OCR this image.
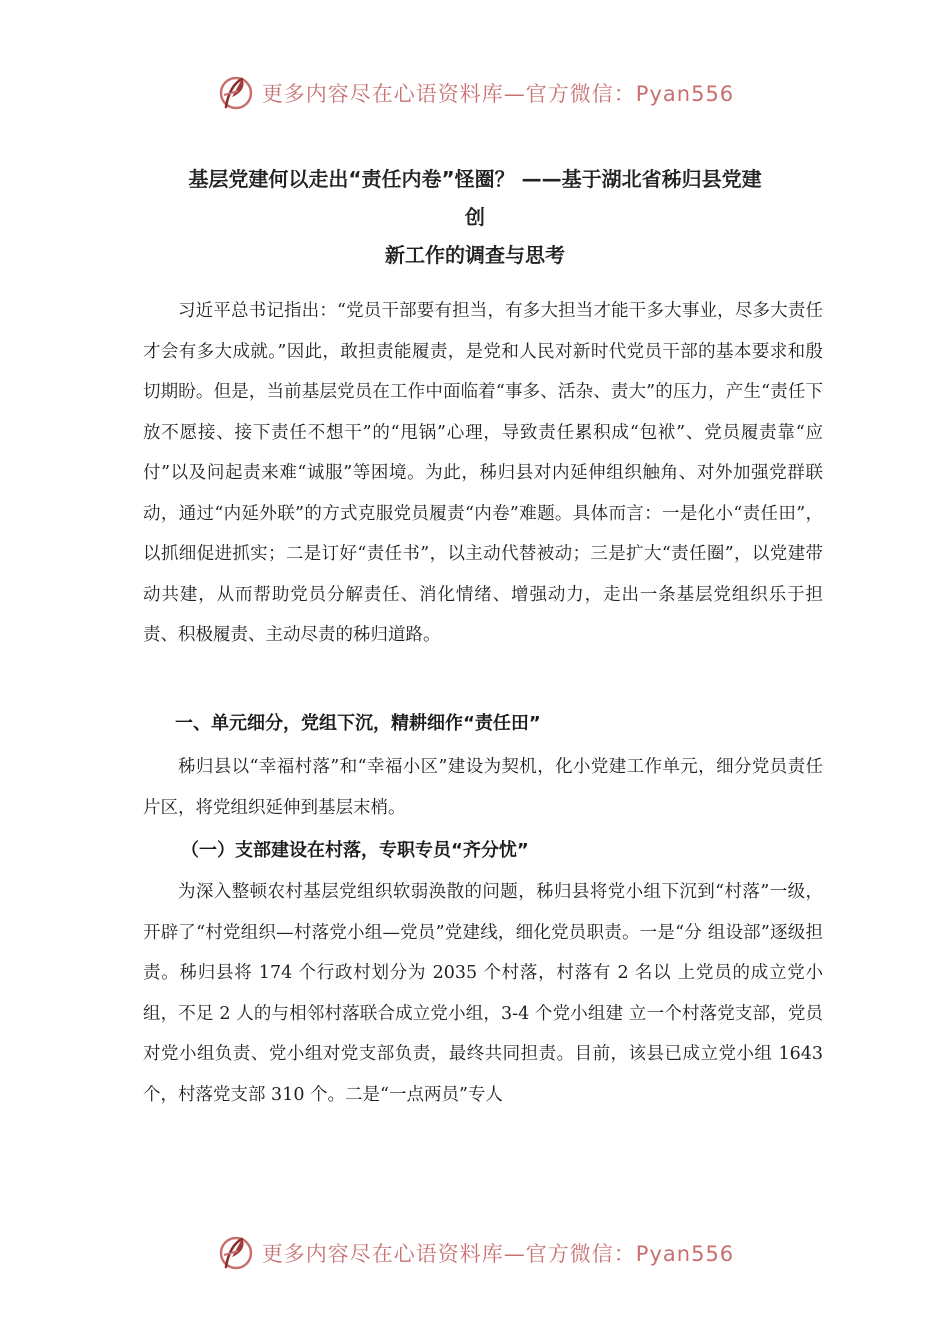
更多内容尽在心语资料库—官方微信：Pyan556
基层党建何以走出“责任内卷”怪圈？ ——基于湖北省秭归县党建
创
新工作的调查与思考

习近平总书记指出：“党员干部要有担当，有多大担当才能干多大事业，尽多大责任才会有多大成就。”因此，敢担责能履责，是党和人民对新时代党员干部的基本要求和殷切期盼。但是，当前基层党员在工作中面临着“事多、活杂、责大”的压力，产生“责任下放不愿接、接下责任不想干”的“甩锅”心理，导致责任累积成“包袱”、党员履责靠“应付”以及问起责来难“诚服”等困境。为此，秭归县对内延伸组织触角、对外加强党群联动，通过“内延外联”的方式克服党员履责“内卷”难题。具体而言：一是化小“责任田”，以抓细促进抓实；二是订好“责任书”，以主动代替被动；三是扩大“责任圈”，以党建带动共建，从而帮助党员分解责任、消化情绪、增强动力，走出一条基层党组织乐于担责、积极履责、主动尽责的秭归道路。

一、单元细分，党组下沉，精耕细作“责任田”

秭归县以“幸福村落”和“幸福小区”建设为契机，化小党建工作单元，细分党员责任片区，将党组织延伸到基层末梢。

（一）支部建设在村落，专职专员“齐分忧”

为深入整顿农村基层党组织软弱涣散的问题，秭归县将党小组下沉到“村落”一级，开辟了“村党组织—村落党小组—党员”党建线，细化党员职责。一是“分 组设部”逐级担责。秭归县将 174 个行政村划分为 2035 个村落，村落有 2 名以 上党员的成立党小组，不足 2 人的与相邻村落联合成立党小组，3-4 个党小组建 立一个村落党支部，党员对党小组负责、党小组对党支部负责，最终共同担责。目前，该县已成立党小组 1643 个，村落党支部 310 个。二是“一点两员”专人

更多内容尽在心语资料库—官方微信：Pyan556
